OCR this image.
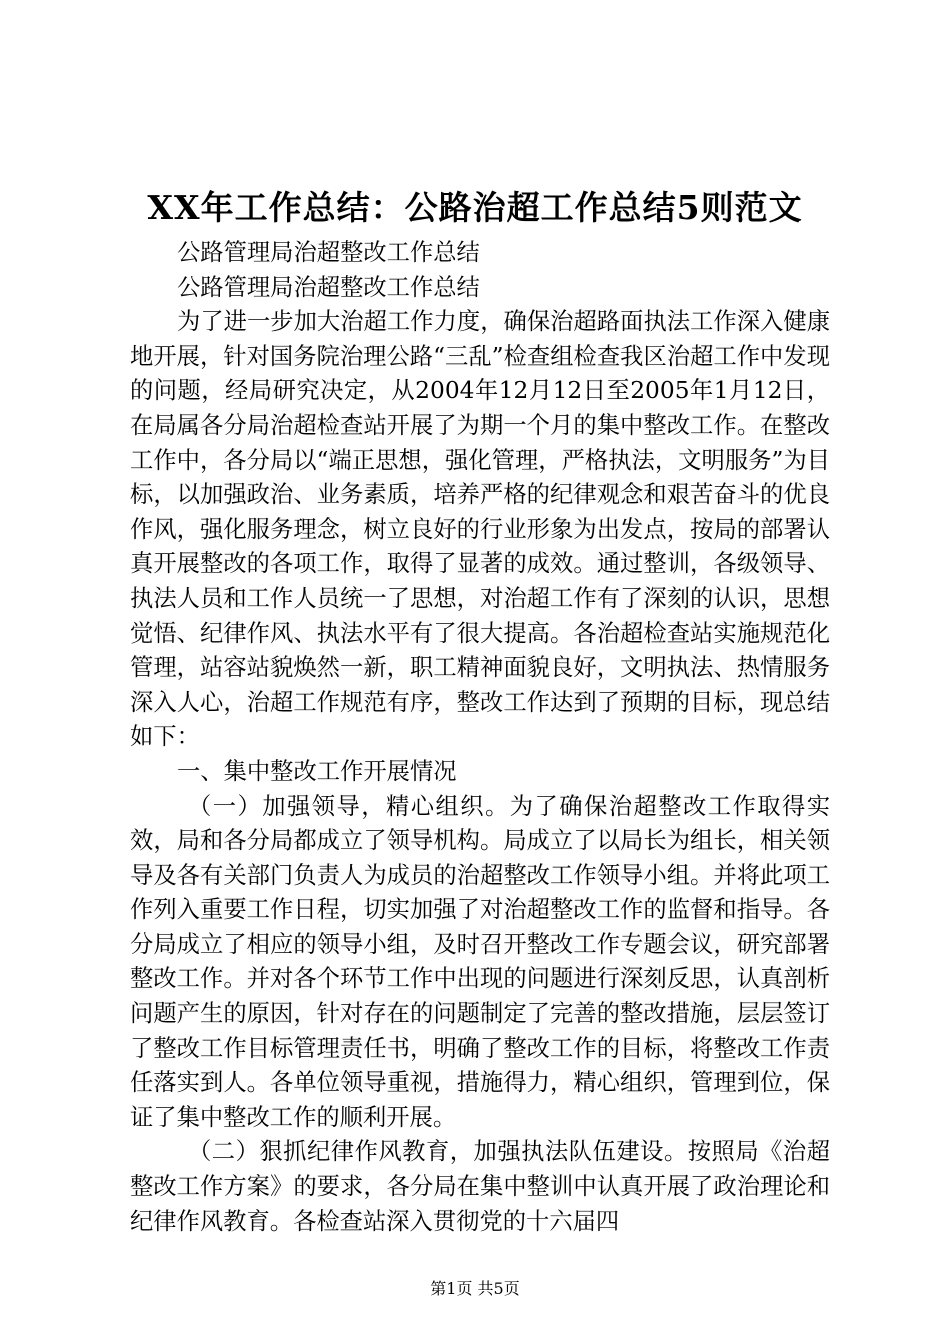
XX年工作总结：公路治超工作总结5则范文

公路管理局治超整改工作总结

公路管理局治超整改工作总结

为了进一步加大治超工作力度，确保治超路面执法工作深入健康地开展，针对国务院治理公路“三乱”检查组检查我区治超工作中发现的问题，经局研究决定，从2004年12月12日至2005年1月12日，在局属各分局治超检查站开展了为期一个月的集中整改工作。在整改工作中，各分局以“端正思想，强化管理，严格执法，文明服务”为目标，以加强政治、业务素质，培养严格的纪律观念和艰苦奋斗的优良作风，强化服务理念，树立良好的行业形象为出发点，按局的部署认真开展整改的各项工作，取得了显著的成效。通过整训，各级领导、执法人员和工作人员统一了思想，对治超工作有了深刻的认识，思想觉悟、纪律作风、执法水平有了很大提高。各治超检查站实施规范化管理，站容站貌焕然一新，职工精神面貌良好，文明执法、热情服务深入人心，治超工作规范有序，整改工作达到了预期的目标，现总结如下：

一、集中整改工作开展情况

（一）加强领导，精心组织。为了确保治超整改工作取得实效，局和各分局都成立了领导机构。局成立了以局长为组长，相关领导及各有关部门负责人为成员的治超整改工作领导小组。并将此项工作列入重要工作日程，切实加强了对治超整改工作的监督和指导。各分局成立了相应的领导小组，及时召开整改工作专题会议，研究部署整改工作。并对各个环节工作中出现的问题进行深刻反思，认真剖析问题产生的原因，针对存在的问题制定了完善的整改措施，层层签订了整改工作目标管理责任书，明确了整改工作的目标，将整改工作责任落实到人。各单位领导重视，措施得力，精心组织，管理到位，保证了集中整改工作的顺利开展。

（二）狠抓纪律作风教育，加强执法队伍建设。按照局《治超整改工作方案》的要求，各分局在集中整训中认真开展了政治理论和纪律作风教育。各检查站深入贯彻党的十六届四

第1页 共5页
